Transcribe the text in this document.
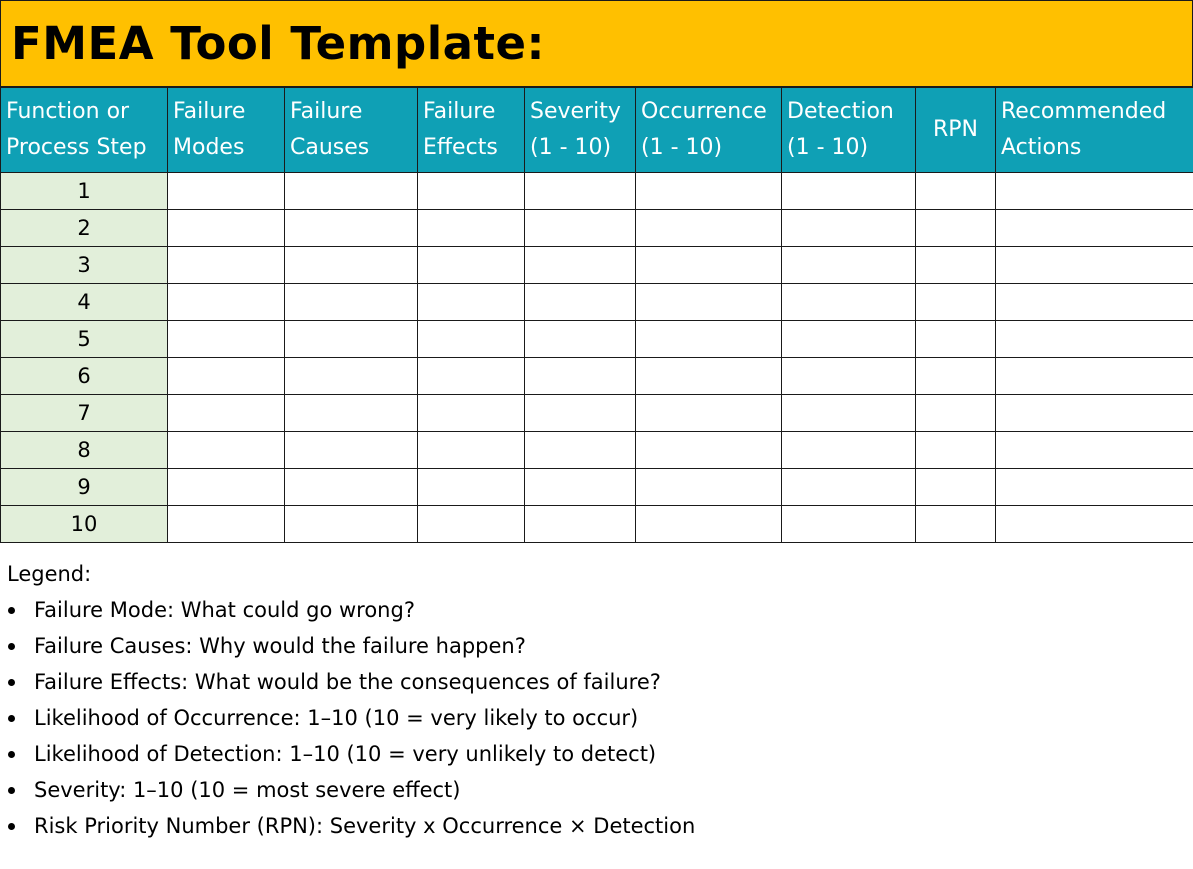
FMEA Tool Template:
Function or Process Step	Failure Modes	Failure Causes	Failure Effects	Severity (1 - 10)	Occurrence (1 - 10)	Detection (1 - 10)	RPN	Recommended Actions
1								
2								
3								
4								
5								
6								
7								
8								
9								
10								
Legend:
Failure Mode: What could go wrong?
Failure Causes: Why would the failure happen?
Failure Effects: What would be the consequences of failure?
Likelihood of Occurrence: 1–10 (10 = very likely to occur)
Likelihood of Detection: 1–10 (10 = very unlikely to detect)
Severity: 1–10 (10 = most severe effect)
Risk Priority Number (RPN): Severity x Occurrence × Detection
